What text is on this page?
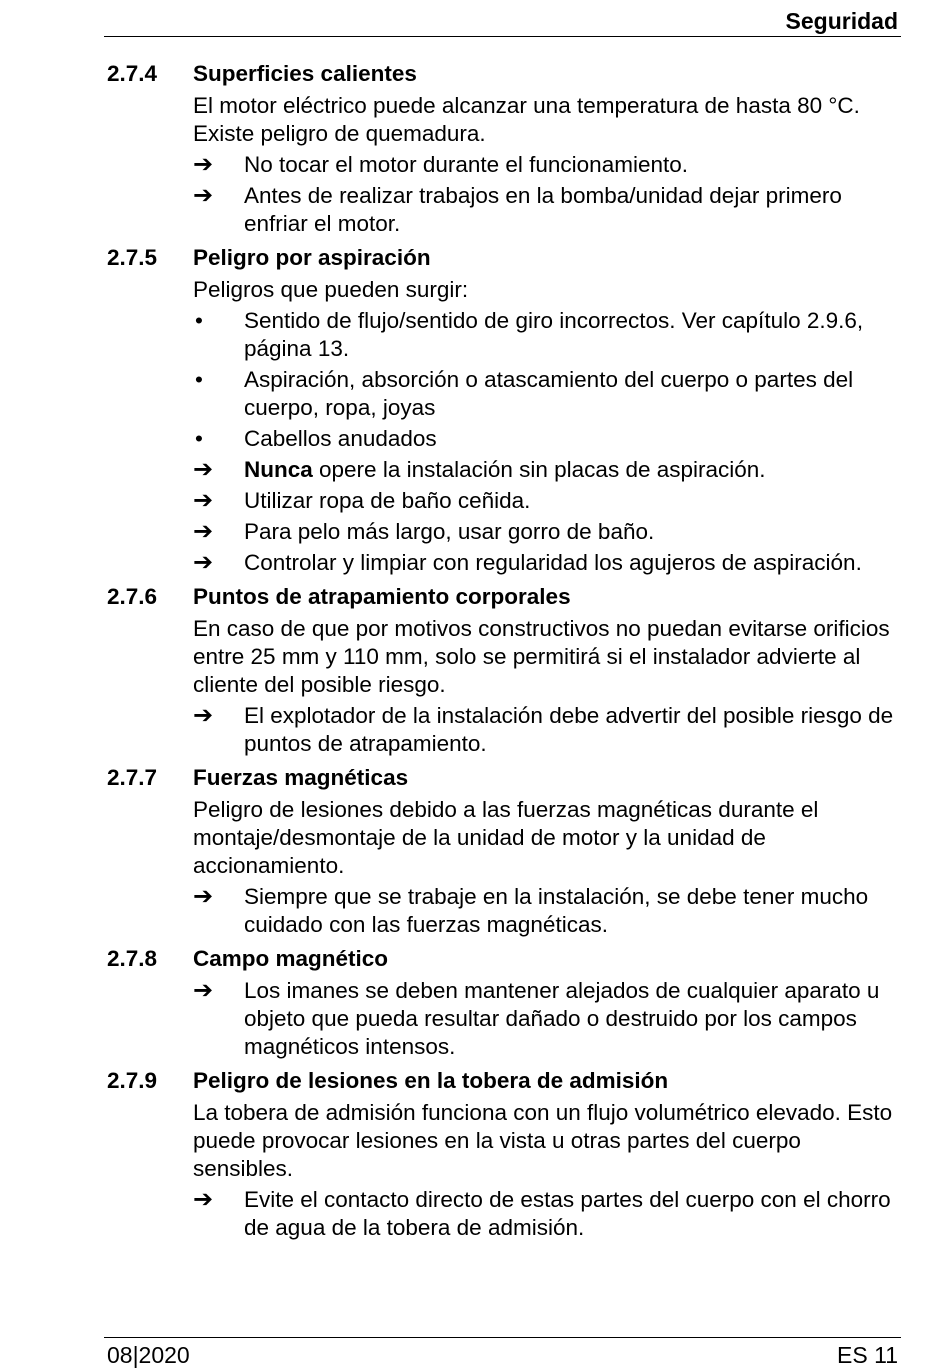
Seguridad
2.7.4 Superficies calientes
El motor eléctrico puede alcanzar una temperatura de hasta 80 °C. Existe peligro de quemadura.
➔	No tocar el motor durante el funcionamiento.
➔	Antes de realizar trabajos en la bomba/unidad dejar primero enfriar el motor.
2.7.5 Peligro por aspiración
Peligros que pueden surgir:
•	Sentido de flujo/sentido de giro incorrectos. Ver capítulo 2.9.6, página 13.
•	Aspiración, absorción o atascamiento del cuerpo o partes del cuerpo, ropa, joyas
•	Cabellos anudados
➔	Nunca opere la instalación sin placas de aspiración.
➔	Utilizar ropa de baño ceñida.
➔	Para pelo más largo, usar gorro de baño.
➔	Controlar y limpiar con regularidad los agujeros de aspiración.
2.7.6 Puntos de atrapamiento corporales
En caso de que por motivos constructivos no puedan evitarse orificios entre 25 mm y 110 mm, solo se permitirá si el instalador advierte al cliente del posible riesgo.
➔	El explotador de la instalación debe advertir del posible riesgo de puntos de atrapamiento.
2.7.7 Fuerzas magnéticas
Peligro de lesiones debido a las fuerzas magnéticas durante el montaje/desmontaje de la unidad de motor y la unidad de accionamiento.
➔	Siempre que se trabaje en la instalación, se debe tener mucho cuidado con las fuerzas magnéticas.
2.7.8 Campo magnético
➔	Los imanes se deben mantener alejados de cualquier aparato u objeto que pueda resultar dañado o destruido por los campos magnéticos intensos.
2.7.9 Peligro de lesiones en la tobera de admisión
La tobera de admisión funciona con un flujo volumétrico elevado. Esto puede provocar lesiones en la vista u otras partes del cuerpo sensibles.
➔	Evite el contacto directo de estas partes del cuerpo con el chorro de agua de la tobera de admisión.
08|2020	ES 11
